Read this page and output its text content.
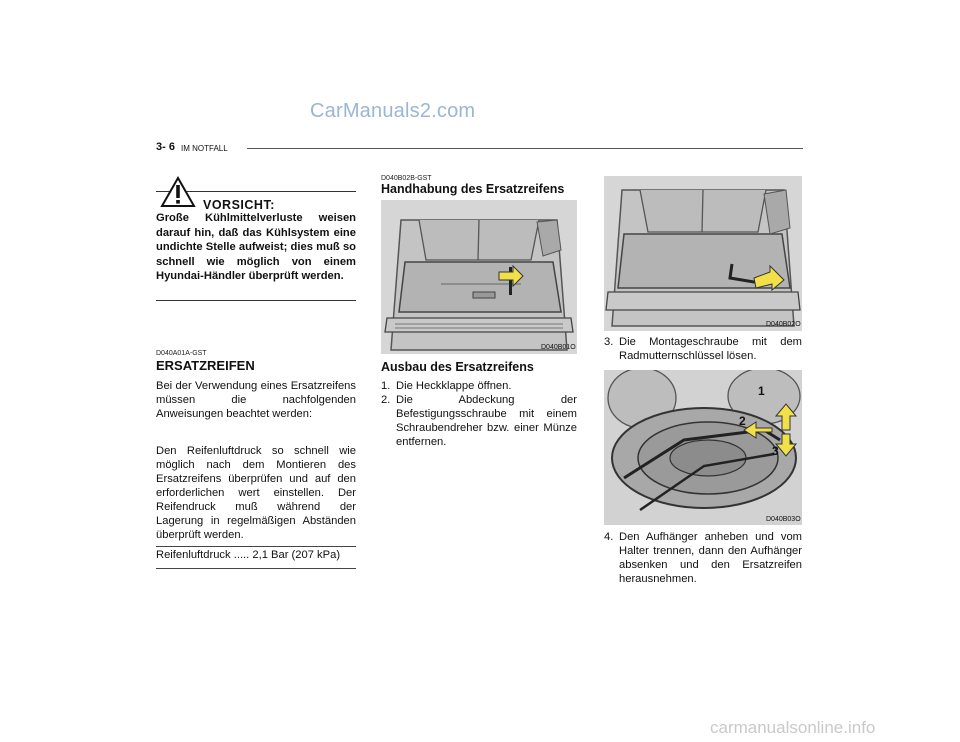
CarManuals2.com
carmanualsonline.info
3- 6 IM NOTFALL
VORSICHT:
Große Kühlmittelverluste weisen darauf hin, daß das Kühlsystem eine undichte Stelle aufweist; dies muß so schnell wie möglich von einem Hyundai-Händler überprüft werden.
D040A01A-GST
ERSATZREIFEN
Bei der Verwendung eines Ersatzreifens müssen die nachfolgenden Anweisungen beachtet werden:
Den Reifenluftdruck so schnell wie möglich nach dem Montieren des Ersatzreifens überprüfen und auf den erforderlichen wert einstellen. Der Reifendruck muß während der Lagerung in regelmäßigen Abständen überprüft werden.
Reifenluftdruck ..... 2,1 Bar (207 kPa)
D040B02B-GST
Handhabung des Ersatzreifens
D040B01O
Ausbau des Ersatzreifens
1. Die Heckklappe öffnen.
2. Die Abdeckung der Befestigungsschraube mit einem Schraubendreher bzw. einer Münze entfernen.
D040B02O
3. Die Montageschraube mit dem Radmutternschlüssel lösen.
1
2
3
D040B03O
4. Den Aufhänger anheben und vom Halter trennen, dann den Aufhänger absenken und den Ersatzreifen herausnehmen.
